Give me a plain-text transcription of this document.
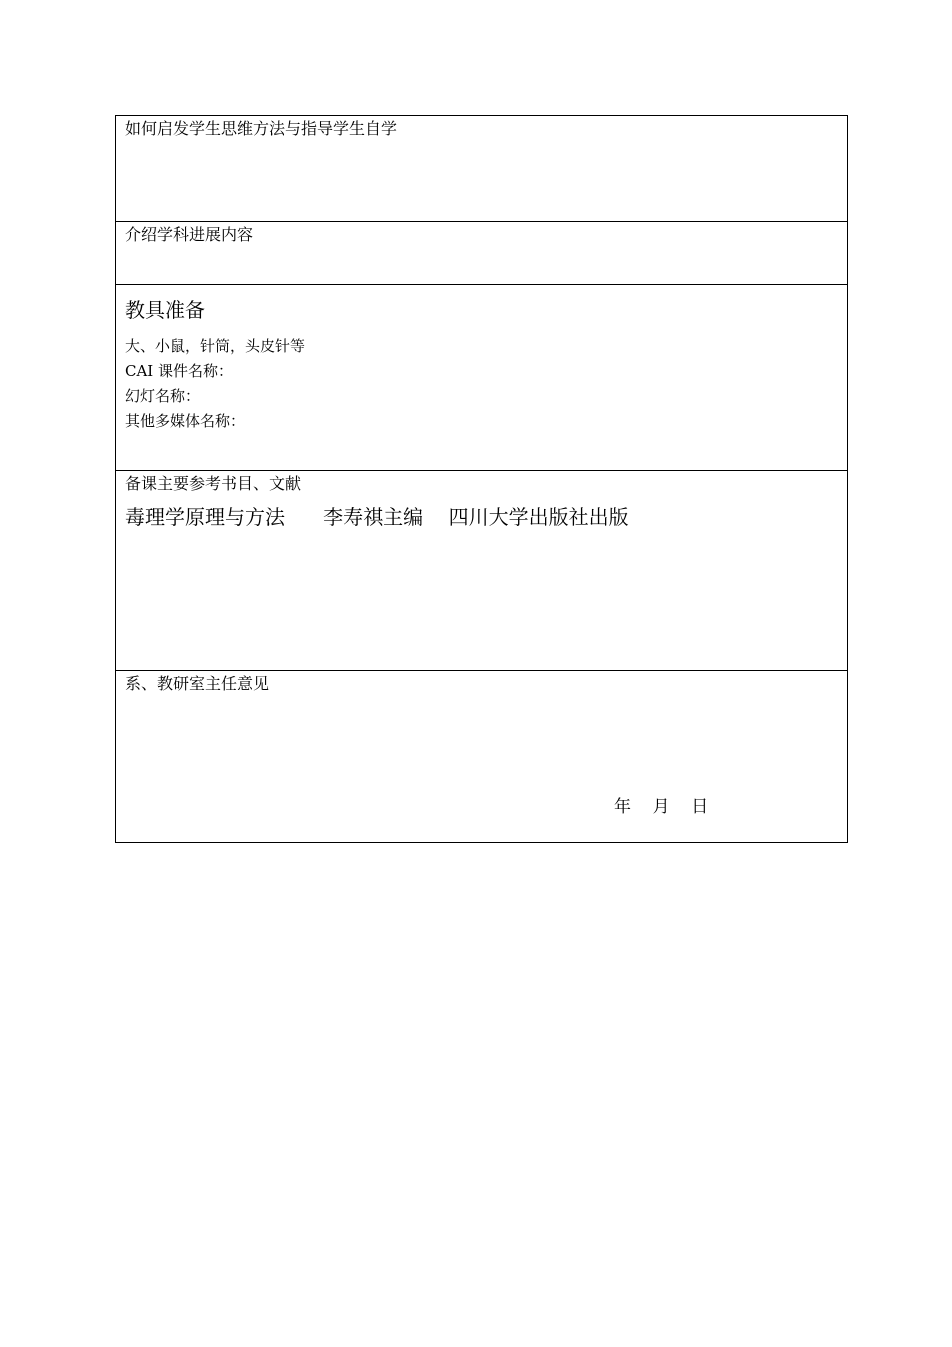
如何启发学生思维方法与指导学生自学
介绍学科进展内容
教具准备
大、小鼠，针筒，头皮针等
CAI 课件名称：
幻灯名称：
其他多媒体名称：
备课主要参考书目、文献
毒理学原理与方法      李寿祺主编    四川大学出版社出版
系、教研室主任意见
年    月    日
